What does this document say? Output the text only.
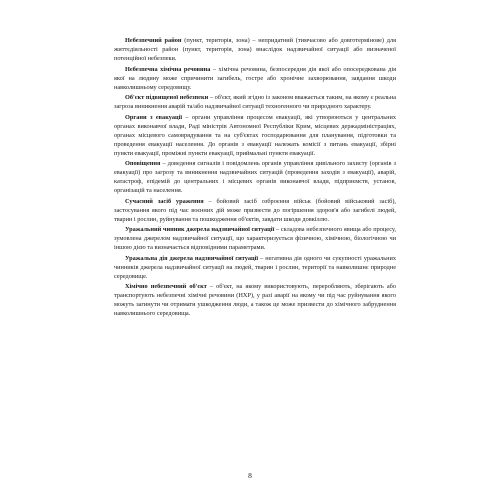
Небезпечний район (пункт, територія, зона) – непридатний (тимчасово або довготермінове) для життєдіяльності район (пункт, територія, зона) внаслідок надзвичайної ситуації або визначеної потенційної небезпеки.

Небезпечна хімічна речовина – хімічна речовина, безпосередня дія якої або опосередкована дія якої на людину може спричинити загибель, гостре або хронічне захворювання, завдання шкоди навколишньому середовищу.

Об'єкт підвищеної небезпеки – об'єкт, який згідно із законом вважається таким, на якому є реальна загроза виникнення аварій та/або надзвичайної ситуації техногенного чи природного характеру.

Органи з евакуації – органи управління процесом евакуації, які утворюються у центральних органах виконавчої влади, Раді міністрів Автономної Республіки Крим, місцевих держадміністраціях, органах місцевого самоврядування та на суб'єктах господарювання для планування, підготовки та проведення евакуації населення. До органів з евакуації належать комісії з питань евакуації, збірні пункти евакуації, проміжні пункти евакуації, приймальні пункти евакуації.

Оповіщення – доведення сигналів і повідомлень органів управління цивільного захисту (органів з евакуації) про загрозу та виникнення надзвичайних ситуацій (проведення заходів з евакуації), аварій, катастроф, епідемій до центральних і місцевих органів виконавчої влади, підприємств, установ, організацій та населення.

Сучасний засіб ураження – бойовий засіб озброєння військ (бойовий військовий засіб), застосування якого під час воєнних дій може призвести до погіршення здоров'я або загибелі людей, тварин і рослин, руйнування та пошкодження об'єктів, завдати шкоди довкіллю.

Уражальний чинник джерела надзвичайної ситуації – складова небезпечного явища або процесу, зумовлена джерелом надзвичайної ситуації, що характеризується фізичною, хімічною, біологічною чи іншою дією та визначається відповідними параметрами.

Уражальна дія джерела надзвичайної ситуації – негативна дія одного чи сукупності уражальних чинників джерела надзвичайної ситуації на людей, тварин і рослин, території та навколишнє природне середовище.

Хімічно небезпечний об'єкт – об'єкт, на якому використовують, переробляють, зберігають або транспортують небезпечні хімічні речовини (НХР), у разі аварії на якому чи під час руйнування якого можуть загинути чи отримати ушкодження люди, а також це може призвести до хімічного забруднення навколишнього середовища.

8
